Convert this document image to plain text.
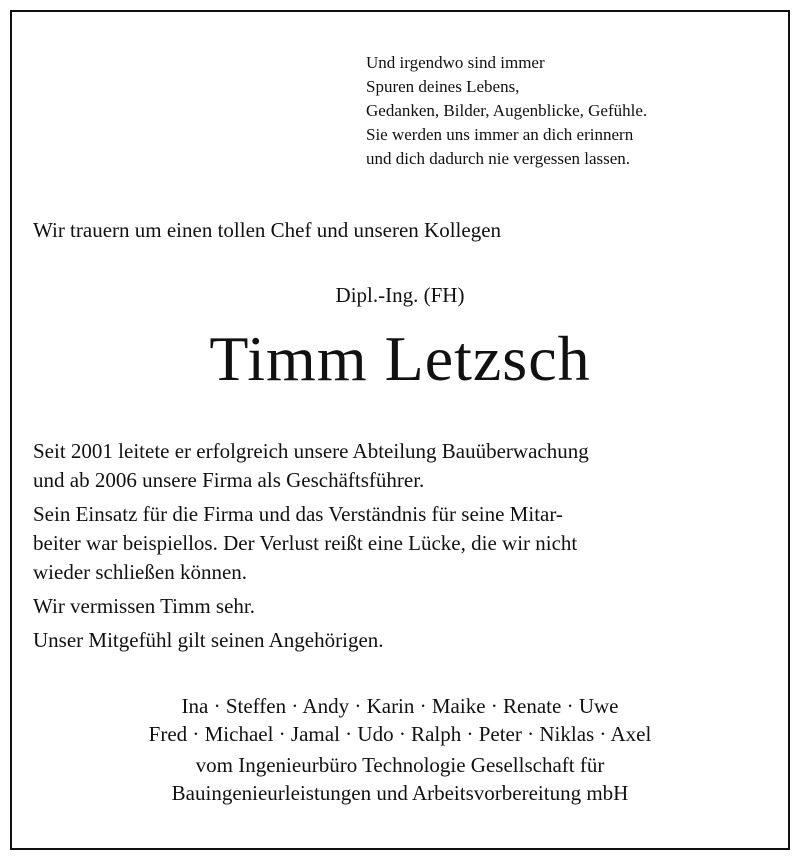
Und irgendwo sind immer
Spuren deines Lebens,
Gedanken, Bilder, Augenblicke, Gefühle.
Sie werden uns immer an dich erinnern
und dich dadurch nie vergessen lassen.
Wir trauern um einen tollen Chef und unseren Kollegen
Dipl.-Ing. (FH)
Timm Letzsch
Seit 2001 leitete er erfolgreich unsere Abteilung Bauüberwachung
und ab 2006 unsere Firma als Geschäftsführer.
Sein Einsatz für die Firma und das Verständnis für seine Mitar-
beiter war beispiellos. Der Verlust reißt eine Lücke, die wir nicht
wieder schließen können.
Wir vermissen Timm sehr.
Unser Mitgefühl gilt seinen Angehörigen.
Ina · Steffen · Andy · Karin · Maike · Renate · Uwe
Fred · Michael · Jamal · Udo · Ralph · Peter · Niklas · Axel
vom Ingenieurbüro Technologie Gesellschaft für
Bauingenieurleistungen und Arbeitsvorbereitung mbH
